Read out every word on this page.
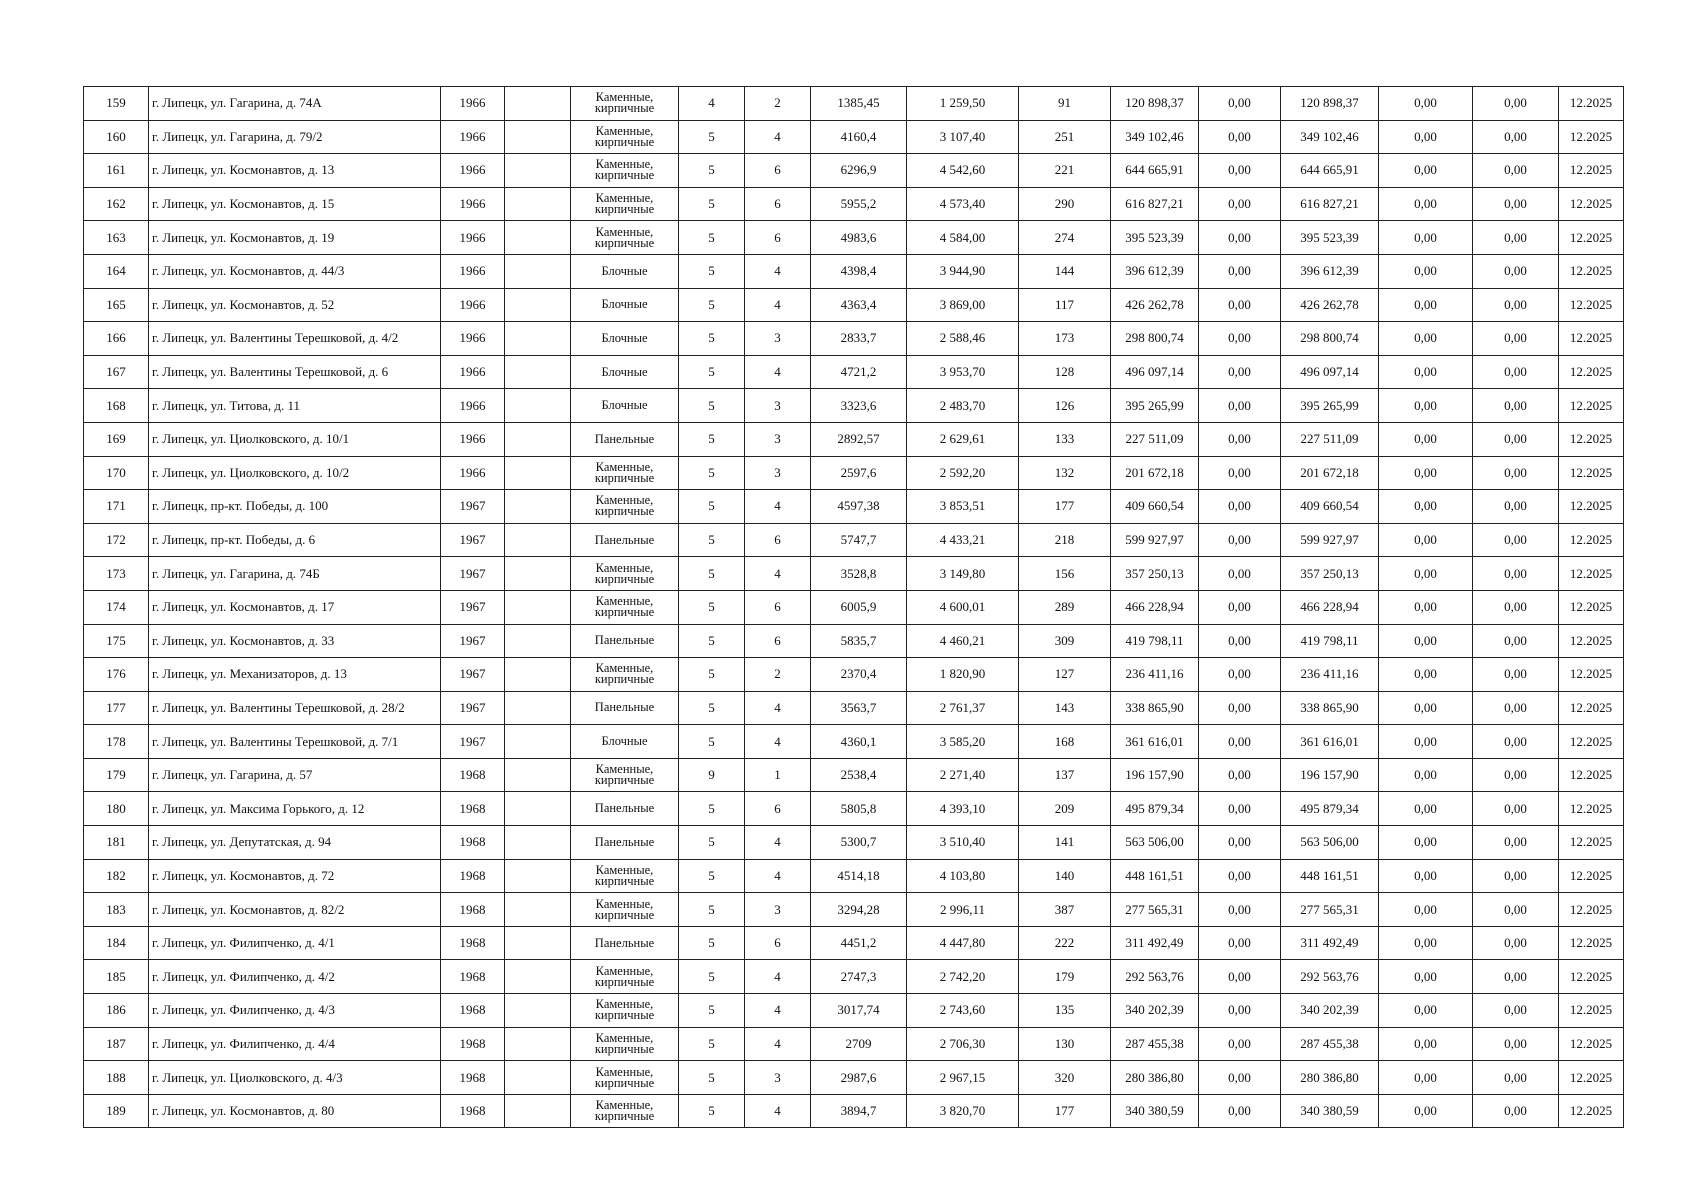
159	г. Липецк, ул. Гагарина, д. 74А	1966		Каменные, кирпичные	4	2	1385,45	1 259,50	91	120 898,37	0,00	120 898,37	0,00	0,00	12.2025
160	г. Липецк, ул. Гагарина, д. 79/2	1966		Каменные, кирпичные	5	4	4160,4	3 107,40	251	349 102,46	0,00	349 102,46	0,00	0,00	12.2025
161	г. Липецк, ул. Космонавтов, д. 13	1966		Каменные, кирпичные	5	6	6296,9	4 542,60	221	644 665,91	0,00	644 665,91	0,00	0,00	12.2025
162	г. Липецк, ул. Космонавтов, д. 15	1966		Каменные, кирпичные	5	6	5955,2	4 573,40	290	616 827,21	0,00	616 827,21	0,00	0,00	12.2025
163	г. Липецк, ул. Космонавтов, д. 19	1966		Каменные, кирпичные	5	6	4983,6	4 584,00	274	395 523,39	0,00	395 523,39	0,00	0,00	12.2025
164	г. Липецк, ул. Космонавтов, д. 44/3	1966		Блочные	5	4	4398,4	3 944,90	144	396 612,39	0,00	396 612,39	0,00	0,00	12.2025
165	г. Липецк, ул. Космонавтов, д. 52	1966		Блочные	5	4	4363,4	3 869,00	117	426 262,78	0,00	426 262,78	0,00	0,00	12.2025
166	г. Липецк, ул. Валентины Терешковой, д. 4/2	1966		Блочные	5	3	2833,7	2 588,46	173	298 800,74	0,00	298 800,74	0,00	0,00	12.2025
167	г. Липецк, ул. Валентины Терешковой, д. 6	1966		Блочные	5	4	4721,2	3 953,70	128	496 097,14	0,00	496 097,14	0,00	0,00	12.2025
168	г. Липецк, ул. Титова, д. 11	1966		Блочные	5	3	3323,6	2 483,70	126	395 265,99	0,00	395 265,99	0,00	0,00	12.2025
169	г. Липецк, ул. Циолковского, д. 10/1	1966		Панельные	5	3	2892,57	2 629,61	133	227 511,09	0,00	227 511,09	0,00	0,00	12.2025
170	г. Липецк, ул. Циолковского, д. 10/2	1966		Каменные, кирпичные	5	3	2597,6	2 592,20	132	201 672,18	0,00	201 672,18	0,00	0,00	12.2025
171	г. Липецк, пр-кт. Победы, д. 100	1967		Каменные, кирпичные	5	4	4597,38	3 853,51	177	409 660,54	0,00	409 660,54	0,00	0,00	12.2025
172	г. Липецк, пр-кт. Победы, д. 6	1967		Панельные	5	6	5747,7	4 433,21	218	599 927,97	0,00	599 927,97	0,00	0,00	12.2025
173	г. Липецк, ул. Гагарина, д. 74Б	1967		Каменные, кирпичные	5	4	3528,8	3 149,80	156	357 250,13	0,00	357 250,13	0,00	0,00	12.2025
174	г. Липецк, ул. Космонавтов, д. 17	1967		Каменные, кирпичные	5	6	6005,9	4 600,01	289	466 228,94	0,00	466 228,94	0,00	0,00	12.2025
175	г. Липецк, ул. Космонавтов, д. 33	1967		Панельные	5	6	5835,7	4 460,21	309	419 798,11	0,00	419 798,11	0,00	0,00	12.2025
176	г. Липецк, ул. Механизаторов, д. 13	1967		Каменные, кирпичные	5	2	2370,4	1 820,90	127	236 411,16	0,00	236 411,16	0,00	0,00	12.2025
177	г. Липецк, ул. Валентины Терешковой, д. 28/2	1967		Панельные	5	4	3563,7	2 761,37	143	338 865,90	0,00	338 865,90	0,00	0,00	12.2025
178	г. Липецк, ул. Валентины Терешковой, д. 7/1	1967		Блочные	5	4	4360,1	3 585,20	168	361 616,01	0,00	361 616,01	0,00	0,00	12.2025
179	г. Липецк, ул. Гагарина, д. 57	1968		Каменные, кирпичные	9	1	2538,4	2 271,40	137	196 157,90	0,00	196 157,90	0,00	0,00	12.2025
180	г. Липецк, ул. Максима Горького, д. 12	1968		Панельные	5	6	5805,8	4 393,10	209	495 879,34	0,00	495 879,34	0,00	0,00	12.2025
181	г. Липецк, ул. Депутатская, д. 94	1968		Панельные	5	4	5300,7	3 510,40	141	563 506,00	0,00	563 506,00	0,00	0,00	12.2025
182	г. Липецк, ул. Космонавтов, д. 72	1968		Каменные, кирпичные	5	4	4514,18	4 103,80	140	448 161,51	0,00	448 161,51	0,00	0,00	12.2025
183	г. Липецк, ул. Космонавтов, д. 82/2	1968		Каменные, кирпичные	5	3	3294,28	2 996,11	387	277 565,31	0,00	277 565,31	0,00	0,00	12.2025
184	г. Липецк, ул. Филипченко, д. 4/1	1968		Панельные	5	6	4451,2	4 447,80	222	311 492,49	0,00	311 492,49	0,00	0,00	12.2025
185	г. Липецк, ул. Филипченко, д. 4/2	1968		Каменные, кирпичные	5	4	2747,3	2 742,20	179	292 563,76	0,00	292 563,76	0,00	0,00	12.2025
186	г. Липецк, ул. Филипченко, д. 4/3	1968		Каменные, кирпичные	5	4	3017,74	2 743,60	135	340 202,39	0,00	340 202,39	0,00	0,00	12.2025
187	г. Липецк, ул. Филипченко, д. 4/4	1968		Каменные, кирпичные	5	4	2709	2 706,30	130	287 455,38	0,00	287 455,38	0,00	0,00	12.2025
188	г. Липецк, ул. Циолковского, д. 4/3	1968		Каменные, кирпичные	5	3	2987,6	2 967,15	320	280 386,80	0,00	280 386,80	0,00	0,00	12.2025
189	г. Липецк, ул. Космонавтов, д. 80	1968		Каменные, кирпичные	5	4	3894,7	3 820,70	177	340 380,59	0,00	340 380,59	0,00	0,00	12.2025
